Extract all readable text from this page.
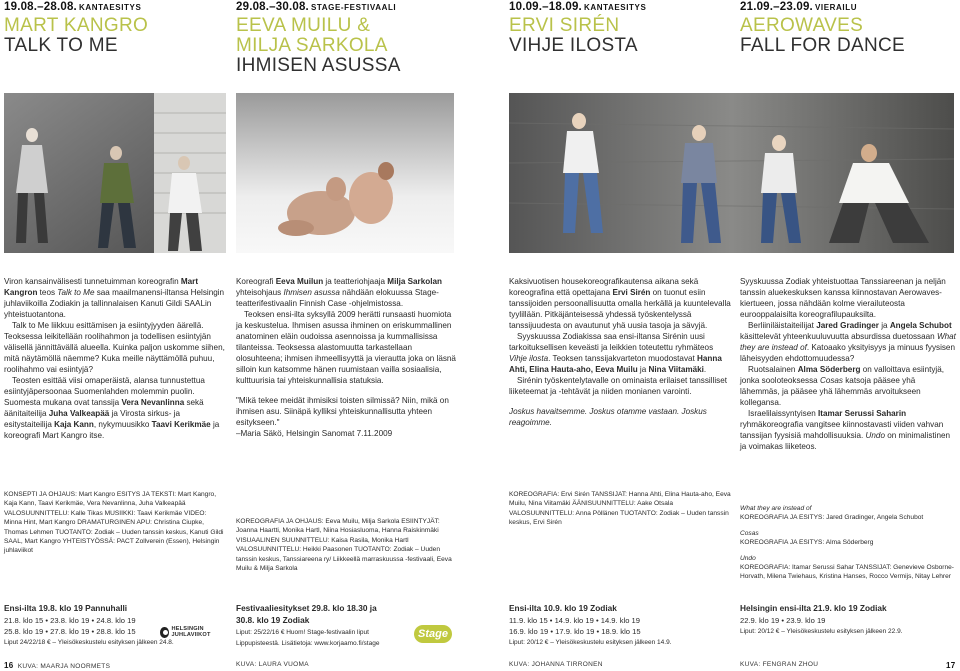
19.08.–28.08. KANTAESITYS
MART KANGRO
TALK TO ME
29.08.–30.08. STAGE-FESTIVAALI
EEVA MUILU &
MILJA SARKOLA
IHMISEN ASUSSA
10.09.–18.09. KANTAESITYS
ERVI SIRÉN
VIHJE ILOSTA
21.09.–23.09. VIERAILU
AEROWAVES
FALL FOR DANCE

Viron kansainvälisesti tunnetuimman koreografin Mart Kangron teos Talk to Me saa maailmanensi-iltansa Helsingin juhlaviikoilla Zodiakin ja tallinnalaisen Kanuti Gildi SAALin yhteistuotantona.

Talk to Me liikkuu esittämisen ja esiintyjyyden äärellä. Teoksessa leikitellään roolihahmon ja todellisen esiintyjän välisellä jännittävällä alueella. Kuinka paljon uskomme siihen, mitä näytämöllä näemme? Kuka meille näyttämöllä puhuu, roolihahmo vai esiintyjä?

Teosten esittää viisi omaperäistä, alansa tunnustettua esiintyjäpersoonaa Suomenlahden molemmin puolin. Suomesta mukana ovat tanssija Vera Nevanlinna sekä äänitaiteilija Juha Valkeapää ja Virosta sirkus- ja esitystaiteilija Kaja Kann, nykymuusikko Taavi Kerikmäe ja koreografi Mart Kangro itse.

KONSEPTI JA OHJAUS: Mart Kangro ESITYS JA TEKSTI: Mart Kangro, Kaja Kann, Taavi Kerikmäe, Vera Nevanlinna, Juha Valkeapää VALOSUUNNITTELU: Kalle Tikas MUSIIKKI: Taavi Kerikmäe VIDEO: Minna Hint, Mart Kangro DRAMATURGINEN APU: Christina Ciupke, Thomas Lehmen TUOTANTO: Zodiak – Uuden tanssin keskus, Kanuti Gildi SAAL, Mart Kangro YHTEISTYÖSSÄ: PACT Zollverein (Essen), Helsingin juhlaviikot
Ensi-ilta 19.8. klo 19 Pannuhalli
21.8. klo 15 • 23.8. klo 19 • 24.8. klo 19
25.8. klo 19 • 27.8. klo 19 • 28.8. klo 15
Liput 24/22/18 € – Yleisökeskustelu esityksen jälkeen 24.8.
HELSINGIN JUHLAVIIKOT

Koreografi Eeva Muilun ja teatteriohjaaja Milja Sarkolan yhteisohjaus Ihmisen asussa nähdään elokuussa Stage-teatterifestivaalin Finnish Case -ohjelmistossa.

Teoksen ensi-ilta syksyllä 2009 herätti runsaasti huomiota ja keskustelua. Ihmisen asussa ihminen on eriskummallinen anatominen eläin oudoissa asennoissa ja kummallisissa tilanteissa. Teoksessa alastomuutta tarkastellaan olosuhteena; ihmisen ihmeellisyyttä ja vierautta joka on läsnä silloin kun katsomme hänen ruumistaan vailla sosiaalisia, kulttuurisia tai yhteiskunnallisia statuksia.

"Mikä tekee meidät ihmisiksi toisten silmissä? Niin, mikä on ihmisen asu. Siinäpä kylliksi yhteiskunnallisutta yhteen esitykseen."

–Maria Säkö, Helsingin Sanomat 7.11.2009

KOREOGRAFIA JA OHJAUS: Eeva Muilu, Milja Sarkola ESIINTYJÄT: Joanna Haartti, Monika Hartl, Niina Hosiasluoma, Hanna Raiskinmäki VISUAALINEN SUUNNITTELU: Kaisa Rasila, Monika Hartl VALOSUUNNITTELU: Heikki Paasonen TUOTANTO: Zodiak – Uuden tanssin keskus, Tanssiareena ry/ Liikkeellä marraskuussa -festivaali, Eeva Muilu & Milja Sarkola
Festivaaliesitykset 29.8. klo 18.30 ja
30.8. klo 19 Zodiak
Liput: 25/22/16 € Huom! Stage-festivaalin liput
Lippupisteestä. Lisätietoja: www.korjaamo.fi/stage
Stage

Kaksivuotisen housekoreografikautensa aikana sekä koreografina että opettajana Ervi Sirén on tuonut esiin tanssijoiden persoonallisuutta omalla herkällä ja kuuntelevalla tyylillään. Pitkäjänteisessä yhdessä työskentelyssä tanssijuudesta on avautunut yhä uusia tasoja ja sävyjä.

Syyskuussa Zodiakissa saa ensi-iltansa Sirénin uusi tarkoituksellisen keveästi ja leikkien toteutettu ryhmäteos Vihje ilosta. Teoksen tanssijakvarteton muodostavat Hanna Ahti, Elina Hauta-aho, Eeva Muilu ja Nina Viitamäki.

Sirénin työskentelytavalle on ominaista erilaiset tanssilliset liiketeemat ja -tehtävät ja niiden monianen varointi.

Joskus havaitsemme. Joskus otamme vastaan. Joskus reagoimme.

KOREOGRAFIA: Ervi Sirén TANSSIJAT: Hanna Ahti, Elina Hauta-aho, Eeva Muilu, Nina Viitamäki ÄÄNISUUNNITTELU: Aake Otsala VALOSUUNNITTELU: Anna Pöllänen TUOTANTO: Zodiak – Uuden tanssin keskus, Ervi Sirén
Ensi-ilta 10.9. klo 19 Zodiak
11.9. klo 15 • 14.9. klo 19 • 14.9. klo 19
16.9. klo 19 • 17.9. klo 19 • 18.9. klo 15
Liput: 20/12 € – Yleisökeskustelu esityksen jälkeen 14.9.

Syyskuussa Zodiak yhteistuottaa Tanssiareenan ja neljän tanssin aluekeskuksen kanssa kiinnostavan Aerowaves-kiertueen, jossa nähdään kolme vierailuteosta eurooppalaisilta koreografilupauksilta.

Berliiniläistaiteilijat Jared Gradinger ja Angela Schubot käsittelevät yhteenkuuluvuutta absurdissa duetossaan What they are instead of. Katoaako yksityisyys ja minuus fyysisen läheisyyden ehdottomuudessa?

Ruotsalainen Alma Söderberg on valloittava esiintyjä, jonka sooloteoksessa Cosas katsoja pääsee yhä lähemmäs, ja pääsee yhä lähemmäs arvoitukseen kollegansa.

Israelilaissyntyisen Itamar Serussi Saharin ryhmäkoreografia vangitsee kiinnostavasti viiden vahvan tanssijan fyysisiä mahdollisuuksia. Undo on minimalistinen ja voimakas liiketeos.

What they are instead of
KOREOGRAFIA JA ESITYS: Jared Gradinger, Angela Schubot
Cosas
KOREOGRAFIA JA ESITYS: Alma Söderberg
Undo
KOREOGRAFIA: Itamar Serussi Sahar TANSSIJAT: Genevieve Osborne-Horvath, Milena Twiehaus, Kristina Hanses, Rocco Vermijs, Nitay Lehrer
Helsingin ensi-ilta 21.9. klo 19 Zodiak
22.9. klo 19 • 23.9. klo 19
Liput: 20/12 € – Yleisökeskustelu esityksen jälkeen 22.9.
16 KUVA: MAARJA NOORMETS	KUVA: LAURA VUOMA	KUVA: JOHANNA TIRRONEN	KUVA: FENGRAN ZHOU	17
